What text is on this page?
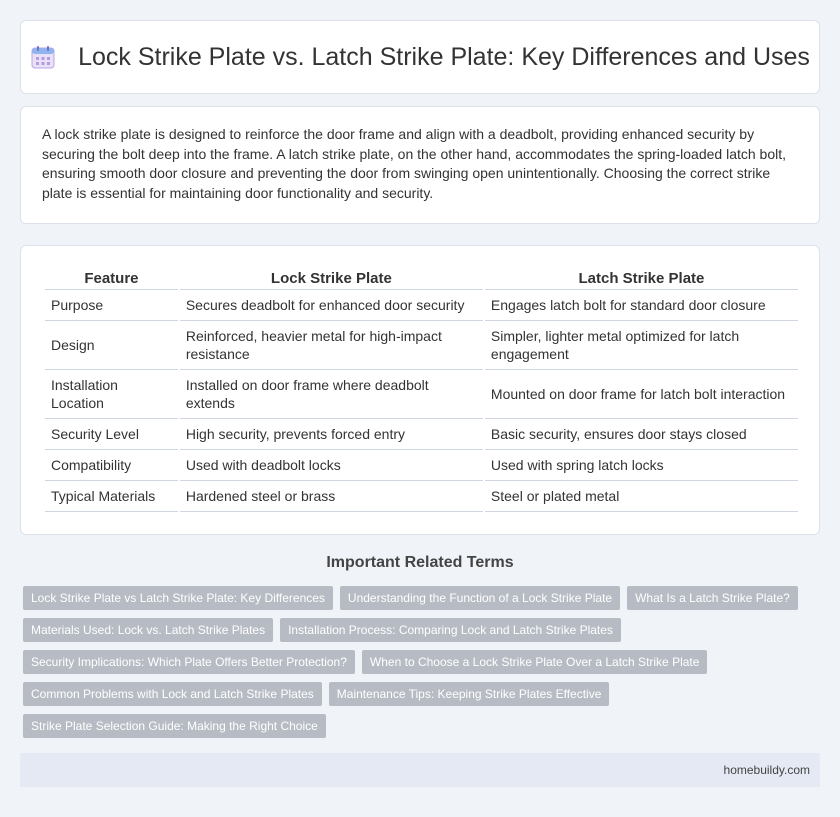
Lock Strike Plate vs. Latch Strike Plate: Key Differences and Uses

A lock strike plate is designed to reinforce the door frame and align with a deadbolt, providing enhanced security by securing the bolt deep into the frame. A latch strike plate, on the other hand, accommodates the spring-loaded latch bolt, ensuring smooth door closure and preventing the door from swinging open unintentionally. Choosing the correct strike plate is essential for maintaining door functionality and security.

Feature	Lock Strike Plate	Latch Strike Plate
Purpose	Secures deadbolt for enhanced door security	Engages latch bolt for standard door closure
Design	Reinforced, heavier metal for high-impact resistance	Simpler, lighter metal optimized for latch engagement
Installation Location	Installed on door frame where deadbolt extends	Mounted on door frame for latch bolt interaction
Security Level	High security, prevents forced entry	Basic security, ensures door stays closed
Compatibility	Used with deadbolt locks	Used with spring latch locks
Typical Materials	Hardened steel or brass	Steel or plated metal
Important Related Terms
Lock Strike Plate vs Latch Strike Plate: Key Differences	Understanding the Function of a Lock Strike Plate	What Is a Latch Strike Plate?
Materials Used: Lock vs. Latch Strike Plates	Installation Process: Comparing Lock and Latch Strike Plates
Security Implications: Which Plate Offers Better Protection?	When to Choose a Lock Strike Plate Over a Latch Strike Plate
Common Problems with Lock and Latch Strike Plates	Maintenance Tips: Keeping Strike Plates Effective
Strike Plate Selection Guide: Making the Right Choice
homebuildy.com
